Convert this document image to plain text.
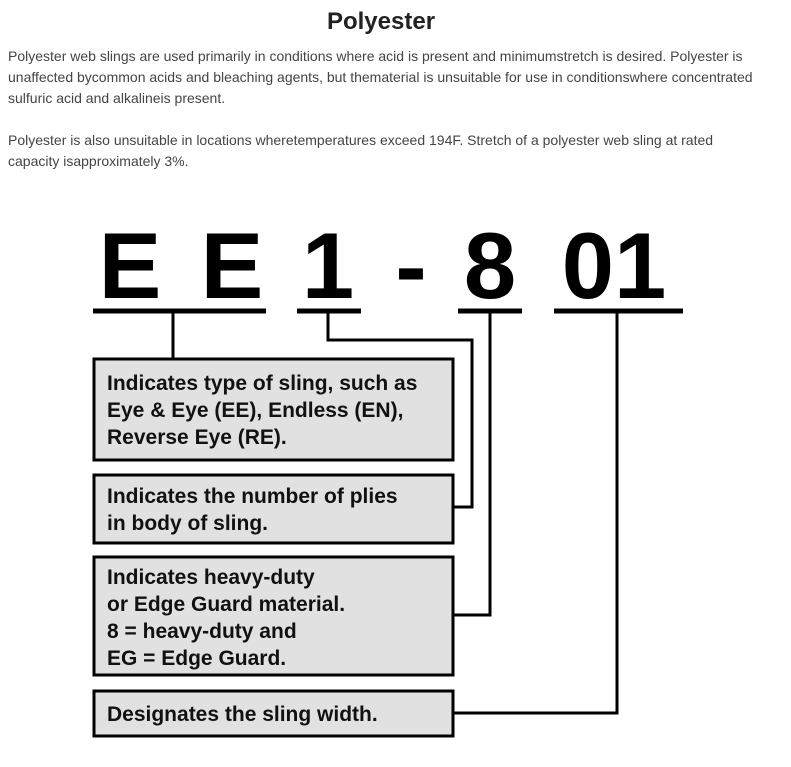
Polyester

Polyester web slings are used primarily in conditions where acid is present and minimumstretch is desired. Polyester is unaffected bycommon acids and bleaching agents, but thematerial is unsuitable for use in conditionswhere concentrated sulfuric acid and alkalineis present.

Polyester is also unsuitable in locations wheretemperatures exceed 194F. Stretch of a polyester web sling at rated capacity isapproximately 3%.

E E 1 - 8 01
Indicates type of sling, such as
Eye & Eye (EE), Endless (EN),
Reverse Eye (RE).
Indicates the number of plies
in body of sling.
Indicates heavy-duty
or Edge Guard material.
8 = heavy-duty and
EG = Edge Guard.
Designates the sling width.
